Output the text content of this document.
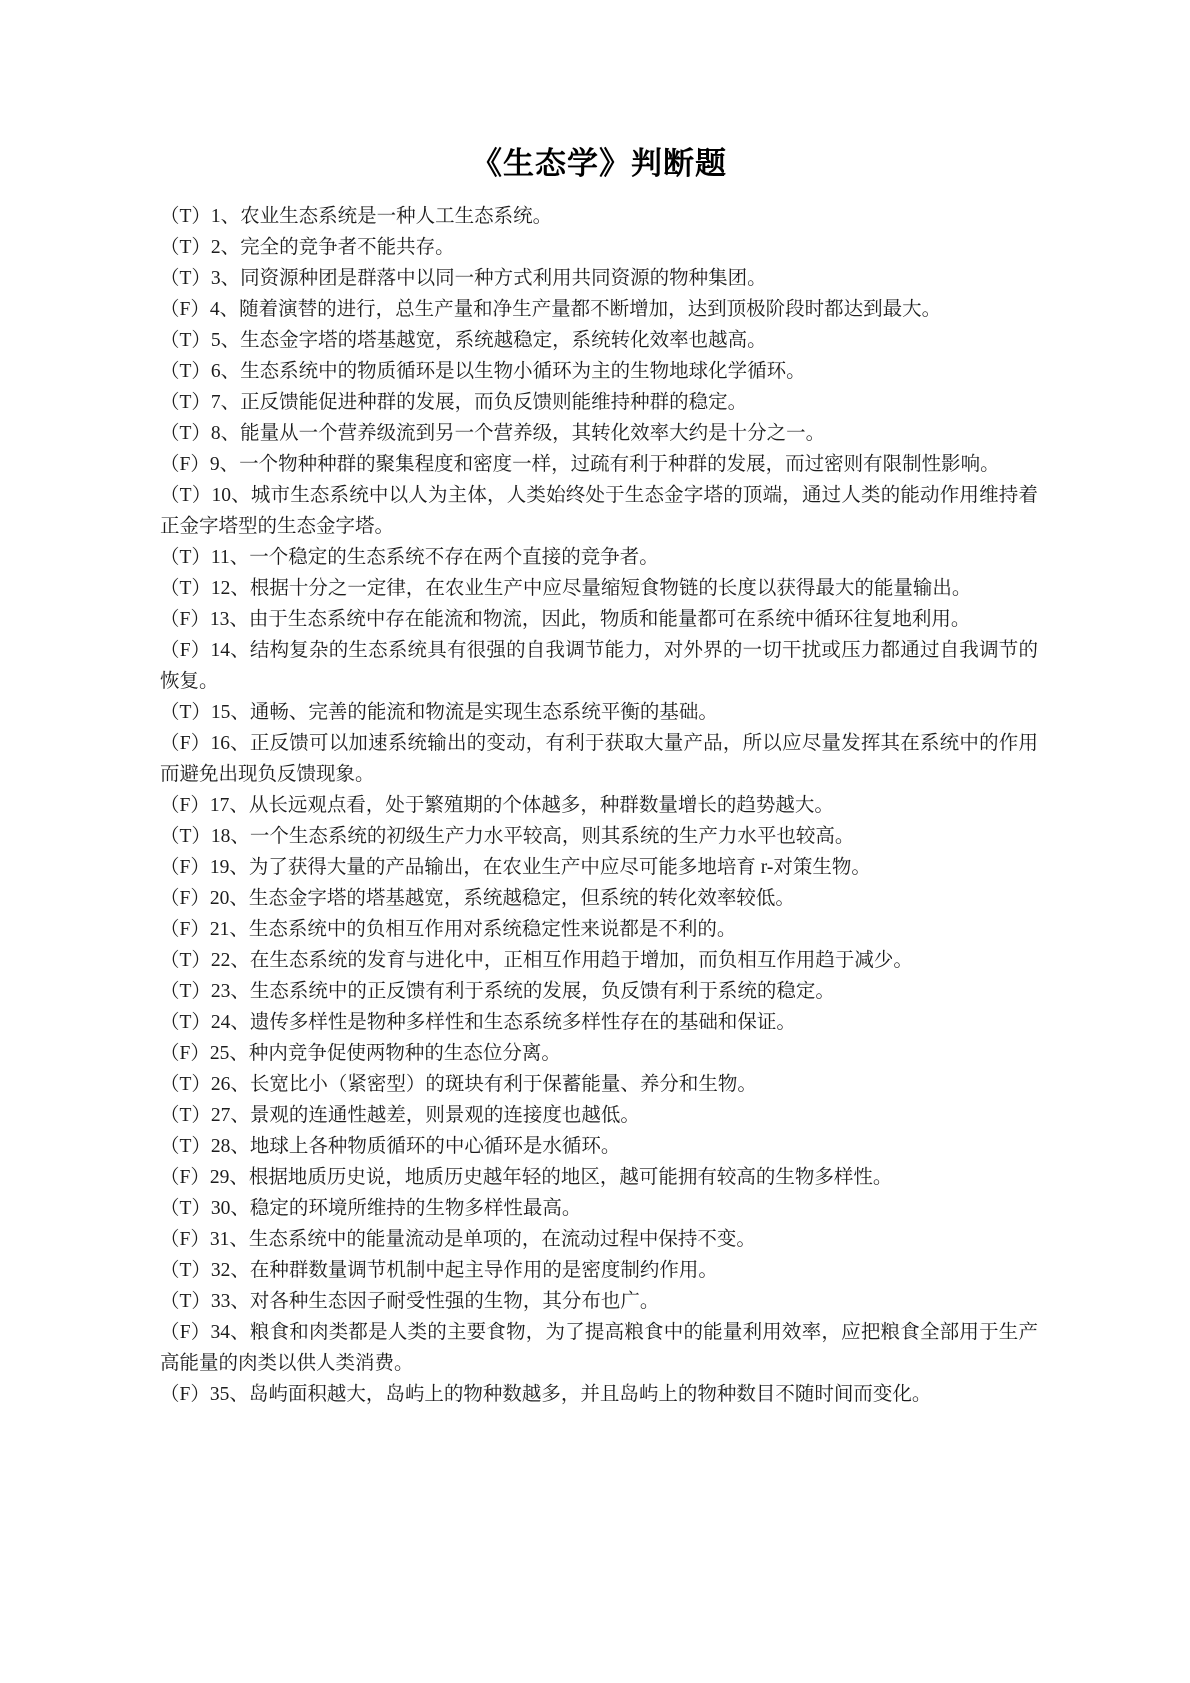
《生态学》判断题

（T）1、农业生态系统是一种人工生态系统。

（T）2、完全的竞争者不能共存。

（T）3、同资源种团是群落中以同一种方式利用共同资源的物种集团。

（F）4、随着演替的进行，总生产量和净生产量都不断增加，达到顶极阶段时都达到最大。

（T）5、生态金字塔的塔基越宽，系统越稳定，系统转化效率也越高。

（T）6、生态系统中的物质循环是以生物小循环为主的生物地球化学循环。

（T）7、正反馈能促进种群的发展，而负反馈则能维持种群的稳定。

（T）8、能量从一个营养级流到另一个营养级，其转化效率大约是十分之一。

（F）9、一个物种种群的聚集程度和密度一样，过疏有利于种群的发展，而过密则有限制性影响。

（T）10、城市生态系统中以人为主体，人类始终处于生态金字塔的顶端，通过人类的能动作用维持着正金字塔型的生态金字塔。

（T）11、一个稳定的生态系统不存在两个直接的竞争者。

（T）12、根据十分之一定律，在农业生产中应尽量缩短食物链的长度以获得最大的能量输出。

（F）13、由于生态系统中存在能流和物流，因此，物质和能量都可在系统中循环往复地利用。

（F）14、结构复杂的生态系统具有很强的自我调节能力，对外界的一切干扰或压力都通过自我调节的恢复。

（T）15、通畅、完善的能流和物流是实现生态系统平衡的基础。

（F）16、正反馈可以加速系统输出的变动，有利于获取大量产品，所以应尽量发挥其在系统中的作用而避免出现负反馈现象。

（F）17、从长远观点看，处于繁殖期的个体越多，种群数量增长的趋势越大。

（T）18、一个生态系统的初级生产力水平较高，则其系统的生产力水平也较高。

（F）19、为了获得大量的产品输出，在农业生产中应尽可能多地培育 r-对策生物。

（F）20、生态金字塔的塔基越宽，系统越稳定，但系统的转化效率较低。

（F）21、生态系统中的负相互作用对系统稳定性来说都是不利的。

（T）22、在生态系统的发育与进化中，正相互作用趋于增加，而负相互作用趋于减少。

（T）23、生态系统中的正反馈有利于系统的发展，负反馈有利于系统的稳定。

（T）24、遗传多样性是物种多样性和生态系统多样性存在的基础和保证。

（F）25、种内竞争促使两物种的生态位分离。

（T）26、长宽比小（紧密型）的斑块有利于保蓄能量、养分和生物。

（T）27、景观的连通性越差，则景观的连接度也越低。

（T）28、地球上各种物质循环的中心循环是水循环。

（F）29、根据地质历史说，地质历史越年轻的地区，越可能拥有较高的生物多样性。

（T）30、稳定的环境所维持的生物多样性最高。

（F）31、生态系统中的能量流动是单项的，在流动过程中保持不变。

（T）32、在种群数量调节机制中起主导作用的是密度制约作用。

（T）33、对各种生态因子耐受性强的生物，其分布也广。

（F）34、粮食和肉类都是人类的主要食物，为了提高粮食中的能量利用效率，应把粮食全部用于生产高能量的肉类以供人类消费。

（F）35、岛屿面积越大，岛屿上的物种数越多，并且岛屿上的物种数目不随时间而变化。
